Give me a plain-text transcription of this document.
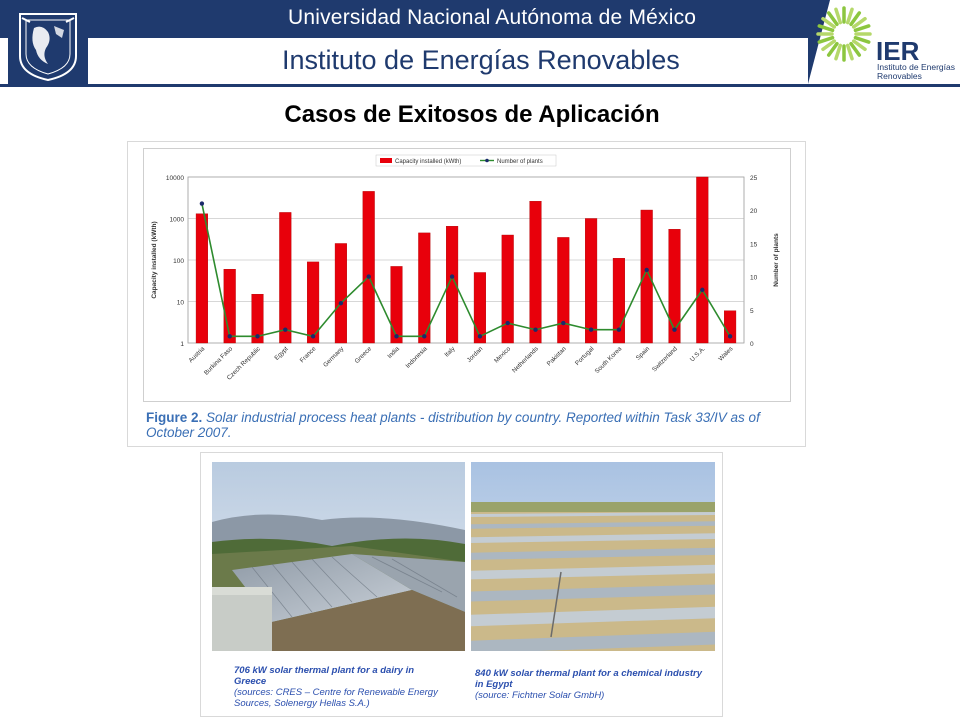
Universidad Nacional Autónoma de México
Instituto de Energías Renovables	IER
Instituto de Energías Renovables
Casos de Exitosos de Aplicación
1
10
100
1000
10000
0
5
10
15
20
25
Capacity installed (kWth)	Number of plants
Austria
Burkina Faso
Czech Republic Egypt France Germany Greece India Indonesia Italy Jordan Mexico
Netherlands Pakistan Portugal
South Korea Spain Switzerland U.S.A. Wales
Capacity installed (kWth)	Number of plants
Figure 2. Solar industrial process heat plants - distribution by country. Reported within Task 33/IV as of October 2007.
706 kW solar thermal plant for a dairy in Greece
(sources: CRES – Centre for Renewable Energy Sources, Solenergy Hellas S.A.)
840 kW solar thermal plant for a chemical industry in Egypt
(source: Fichtner Solar GmbH)
